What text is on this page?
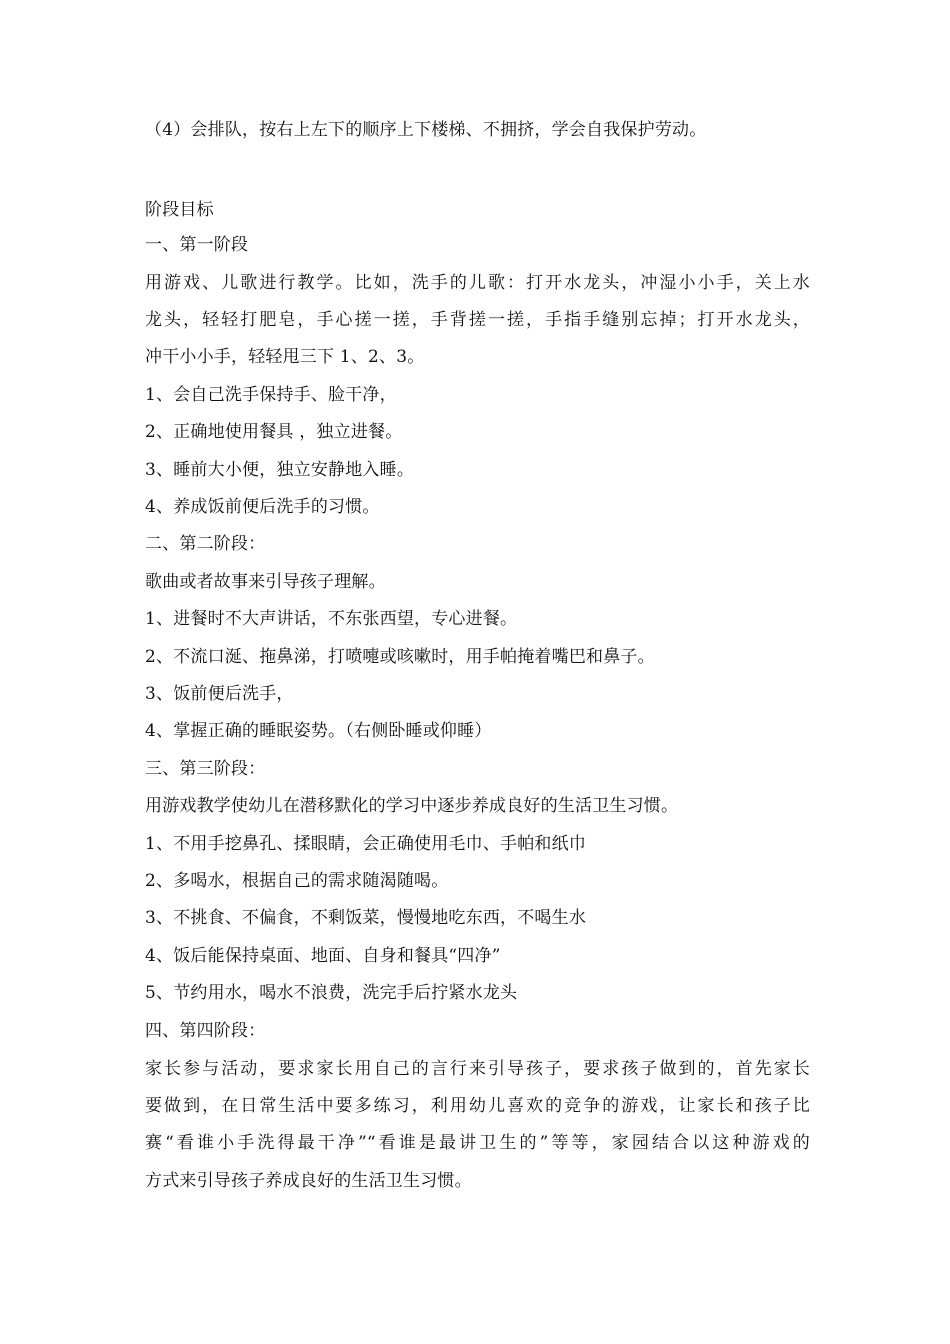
（4）会排队，按右上左下的顺序上下楼梯、不拥挤，学会自我保护劳动。
阶段目标
一、第一阶段
用游戏、儿歌进行教学。比如，洗手的儿歌：打开水龙头，冲湿小小手，关上水
龙头，轻轻打肥皂，手心搓一搓，手背搓一搓，手指手缝别忘掉；打开水龙头，
冲干小小手，轻轻甩三下 1、2、3。
1、会自己洗手保持手、脸干净，
2、正确地使用餐具 ，独立进餐。
3、睡前大小便，独立安静地入睡。
4、养成饭前便后洗手的习惯。
二、第二阶段：
歌曲或者故事来引导孩子理解。
1、进餐时不大声讲话，不东张西望，专心进餐。
2、不流口涎、拖鼻涕，打喷嚏或咳嗽时，用手帕掩着嘴巴和鼻子。
3、饭前便后洗手，
4、掌握正确的睡眠姿势。（右侧卧睡或仰睡）
三、第三阶段：
用游戏教学使幼儿在潜移默化的学习中逐步养成良好的生活卫生习惯。
1、不用手挖鼻孔、揉眼睛，会正确使用毛巾、手帕和纸巾
2、多喝水，根据自己的需求随渴随喝。
3、不挑食、不偏食，不剩饭菜，慢慢地吃东西，不喝生水
4、饭后能保持桌面、地面、自身和餐具“四净”
5、节约用水，喝水不浪费，洗完手后拧紧水龙头
四、第四阶段：
家长参与活动，要求家长用自己的言行来引导孩子，要求孩子做到的，首先家长
要做到，在日常生活中要多练习，利用幼儿喜欢的竞争的游戏，让家长和孩子比
赛“看谁小手洗得最干净”“看谁是最讲卫生的”等等，家园结合以这种游戏的
方式来引导孩子养成良好的生活卫生习惯。
